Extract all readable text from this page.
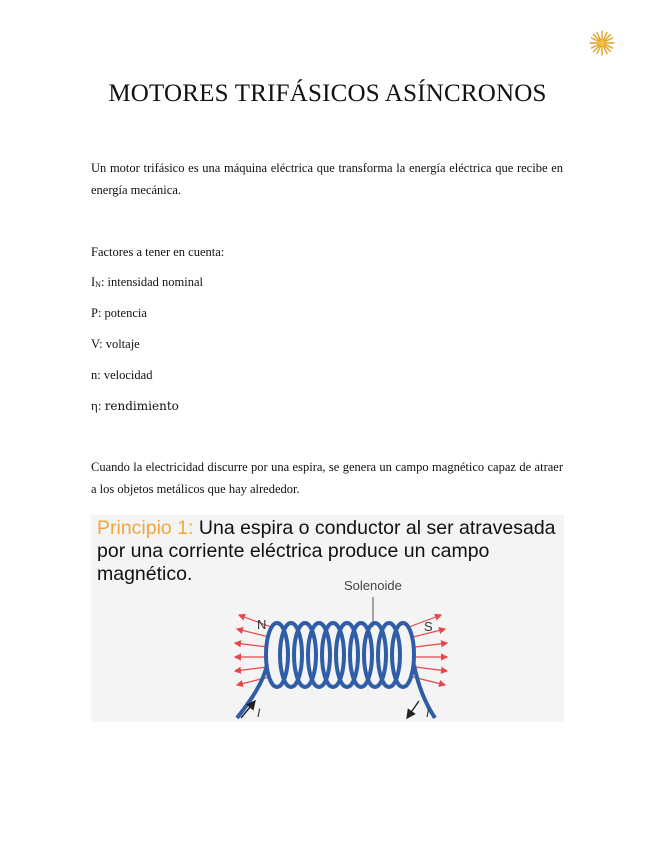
MOTORES TRIFÁSICOS ASÍNCRONOS
Un motor trifásico es una máquina eléctrica que transforma la energía eléctrica que recibe en energía mecánica.
Factores a tener en cuenta:
$I_N$: intensidad nominal
P: potencia
V: voltaje
n: velocidad
η: rendimiento
Cuando la electricidad discurre por una espira, se genera un campo magnético capaz de atraer a los objetos metálicos que hay alrededor.
Principio 1: Una espira o conductor al ser atravesada por una corriente eléctrica produce un campo magnético.
Solenoide
N	S
I	I
